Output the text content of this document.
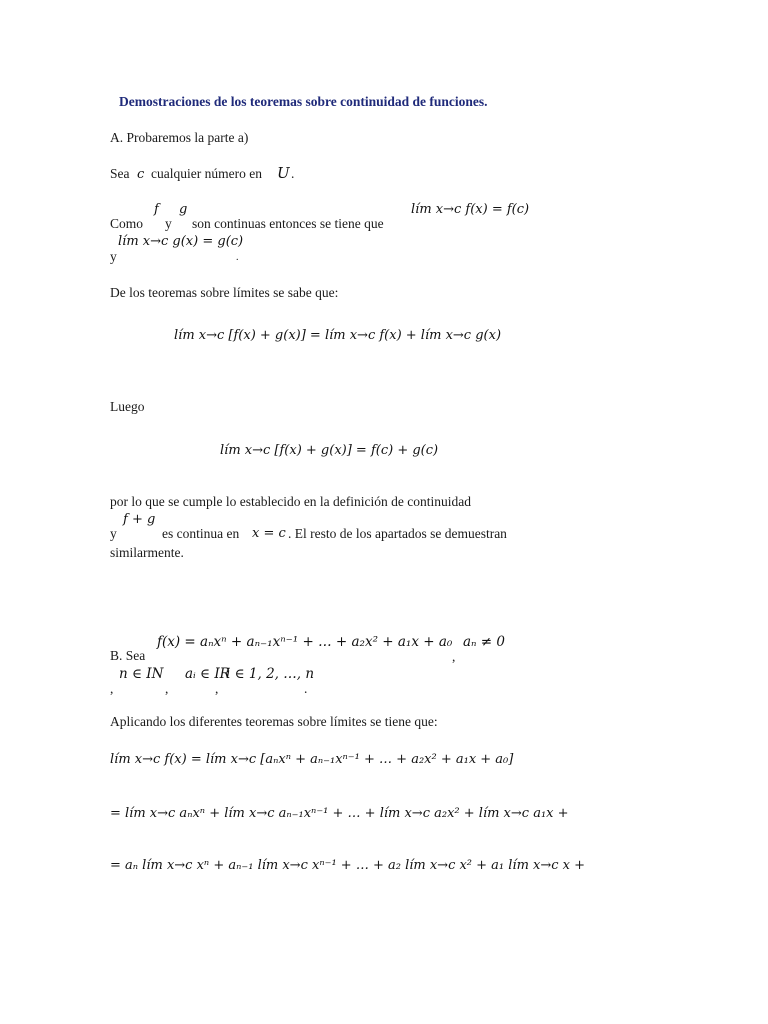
Demostraciones de los teoremas sobre continuidad de funciones.
A. Probaremos la parte a)
Sea c cualquier número en U .
Como
f
y
g
son continuas entonces se tiene que
lím x→c f(x) = f(c)
lím x→c g(x) = g(c)
y	.
De los teoremas sobre límites se sabe que:
lím x→c [f(x) + g(x)] = lím x→c f(x) + lím x→c g(x)
Luego
lím x→c [f(x) + g(x)] = f(c) + g(c)
por lo que se cumple lo establecido en la definición de continuidad
y
f + g
es continua en x = c . El resto de los apartados se demuestran
similarmente.
f(x) = aₙxⁿ + aₙ₋₁xⁿ⁻¹ + … + a₂x² + a₁x + a₀
,
aₙ ≠ 0
B. Sea
n ∈ IN aᵢ ∈ IR
i ∈ 1, 2, …, n
,	,	,	.
Aplicando los diferentes teoremas sobre límites se tiene que:
lím x→c f(x) = lím x→c [aₙxⁿ + aₙ₋₁xⁿ⁻¹ + … + a₂x² + a₁x + a₀]
= lím x→c aₙxⁿ + lím x→c aₙ₋₁xⁿ⁻¹ + … + lím x→c a₂x² + lím x→c a₁x +
= aₙ lím x→c xⁿ + aₙ₋₁ lím x→c xⁿ⁻¹ + … + a₂ lím x→c x² + a₁ lím x→c x +
